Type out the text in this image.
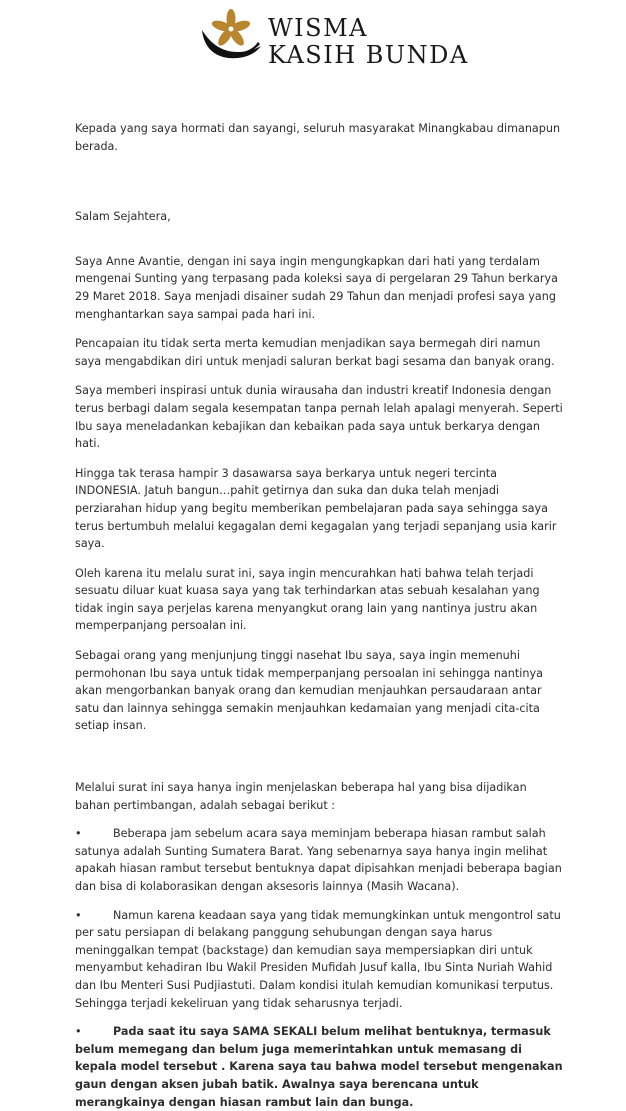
WISMA
KASIH BUNDA

Kepada yang saya hormati dan sayangi, seluruh masyarakat Minangkabau dimanapun berada.

Salam Sejahtera,

Saya Anne Avantie, dengan ini saya ingin mengungkapkan dari hati yang terdalam mengenai Sunting yang terpasang pada koleksi saya di pergelaran 29 Tahun berkarya 29 Maret 2018. Saya menjadi disainer sudah 29 Tahun dan menjadi profesi saya yang menghantarkan saya sampai pada hari ini.

Pencapaian itu tidak serta merta kemudian menjadikan saya bermegah diri namun saya mengabdikan diri untuk menjadi saluran berkat bagi sesama dan banyak orang.

Saya memberi inspirasi untuk dunia wirausaha dan industri kreatif Indonesia dengan terus berbagi dalam segala kesempatan tanpa pernah lelah apalagi menyerah. Seperti Ibu saya meneladankan kebajikan dan kebaikan pada saya untuk berkarya dengan hati.

Hingga tak terasa hampir 3 dasawarsa saya berkarya untuk negeri tercinta INDONESIA. Jatuh bangun…pahit getirnya dan suka dan duka telah menjadi perziarahan hidup yang begitu memberikan pembelajaran pada saya sehingga saya terus bertumbuh melalui kegagalan demi kegagalan yang terjadi sepanjang usia karir saya.

Oleh karena itu melalu surat ini, saya ingin mencurahkan hati bahwa telah terjadi sesuatu diluar kuat kuasa saya yang tak terhindarkan atas sebuah kesalahan yang tidak ingin saya perjelas karena menyangkut orang lain yang nantinya justru akan memperpanjang persoalan ini.

Sebagai orang yang menjunjung tinggi nasehat Ibu saya, saya ingin memenuhi permohonan Ibu saya untuk tidak memperpanjang persoalan ini sehingga nantinya akan mengorbankan banyak orang dan kemudian menjauhkan persaudaraan antar satu dan lainnya sehingga semakin menjauhkan kedamaian yang menjadi cita-cita setiap insan.

Melalui surat ini saya hanya ingin menjelaskan beberapa hal yang bisa dijadikan bahan pertimbangan, adalah sebagai berikut :

•	Beberapa jam sebelum acara saya meminjam beberapa hiasan rambut salah satunya adalah Sunting Sumatera Barat. Yang sebenarnya saya hanya ingin melihat apakah hiasan rambut tersebut bentuknya dapat dipisahkan menjadi beberapa bagian dan bisa di kolaborasikan dengan aksesoris lainnya (Masih Wacana).
•	Namun karena keadaan saya yang tidak memungkinkan untuk mengontrol satu per satu persiapan di belakang panggung sehubungan dengan saya harus meninggalkan tempat (backstage) dan kemudian saya mempersiapkan diri untuk menyambut kehadiran Ibu Wakil Presiden Mufidah Jusuf kalla, Ibu Sinta Nuriah Wahid dan Ibu Menteri Susi Pudjiastuti. Dalam kondisi itulah kemudian komunikasi terputus. Sehingga terjadi kekeliruan yang tidak seharusnya terjadi.
•	Pada saat itu saya SAMA SEKALI belum melihat bentuknya, termasuk belum memegang dan belum juga memerintahkan untuk memasang di kepala model tersebut . Karena saya tau bahwa model tersebut mengenakan gaun dengan aksen jubah batik. Awalnya saya berencana untuk merangkainya dengan hiasan rambut lain dan bunga.
